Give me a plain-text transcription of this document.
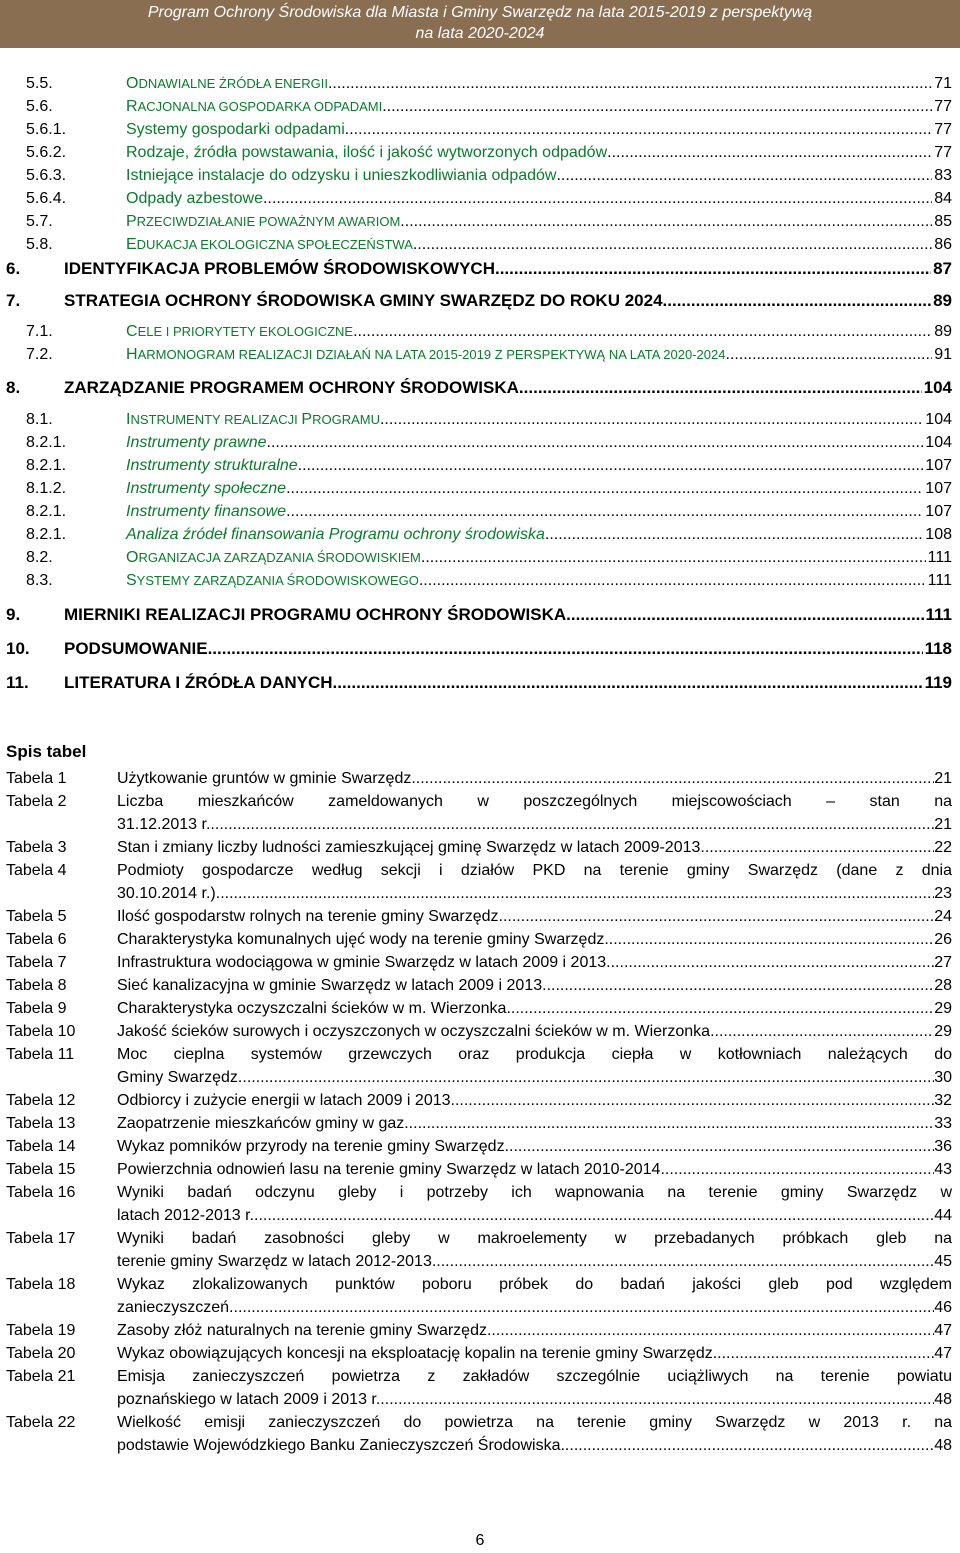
Program Ochrony Środowiska dla Miasta i Gminy Swarzędz na lata 2015-2019 z perspektywą
na lata 2020-2024
5.5.	ODNAWIALNE ŹRÓDŁA ENERGII .....	71
5.6.	RACJONALNA GOSPODARKA ODPADAMI .....	77
5.6.1.	Systemy gospodarki odpadami .....	77
5.6.2.	Rodzaje, źródła powstawania, ilość i jakość wytworzonych odpadów .....	77
5.6.3.	Istniejące instalacje do odzysku i unieszkodliwiania odpadów .....	83
5.6.4.	Odpady azbestowe .....	84
5.7.	PRZECIWDZIAŁANIE POWAŻNYM AWARIOM .....	85
5.8.	EDUKACJA EKOLOGICZNA SPOŁECZEŃSTWA .....	86
6.	IDENTYFIKACJA PROBLEMÓW ŚRODOWISKOWYCH .....	87
7.	STRATEGIA OCHRONY ŚRODOWISKA GMINY SWARZĘDZ DO ROKU 2024 .....	89
7.1.	CELE I PRIORYTETY EKOLOGICZNE .....	89
7.2.	HARMONOGRAM REALIZACJI DZIAŁAŃ NA LATA 2015-2019 Z PERSPEKTYWĄ NA LATA 2020-2024 .....	91
8.	ZARZĄDZANIE PROGRAMEM OCHRONY ŚRODOWISKA .....	104
8.1.	INSTRUMENTY REALIZACJI PROGRAMU .....	104
8.2.1.	Instrumenty prawne .....	104
8.2.1.	Instrumenty strukturalne .....	107
8.1.2.	Instrumenty społeczne .....	107
8.2.1.	Instrumenty finansowe .....	107
8.2.1.	Analiza źródeł finansowania Programu ochrony środowiska .....	108
8.2.	ORGANIZACJA ZARZĄDZANIA ŚRODOWISKIEM .....	111
8.3.	SYSTEMY ZARZĄDZANIA ŚRODOWISKOWEGO .....	111
9.	MIERNIKI REALIZACJI PROGRAMU OCHRONY ŚRODOWISKA .....	111
10.	PODSUMOWANIE .....	118
11.	LITERATURA I ŹRÓDŁA DANYCH .....	119
Spis tabel
Tabela 1	Użytkowanie gruntów w gminie Swarzędz .....	21
Tabela 2	Liczba mieszkańców zameldowanych w poszczególnych miejscowościach – stan na
31.12.2013 r. .....	21
Tabela 3	Stan i zmiany liczby ludności zamieszkującej gminę Swarzędz w latach 2009-2013 .....	22
Tabela 4	Podmioty gospodarcze według sekcji i działów PKD na terenie gminy Swarzędz (dane z dnia
30.10.2014 r.) .....	23
Tabela 5	Ilość gospodarstw rolnych na terenie gminy Swarzędz .....	24
Tabela 6	Charakterystyka komunalnych ujęć wody na terenie gminy Swarzędz .....	26
Tabela 7	Infrastruktura wodociągowa w gminie Swarzędz w latach 2009 i 2013 .....	27
Tabela 8	Sieć kanalizacyjna w gminie Swarzędz w latach 2009 i 2013 .....	28
Tabela 9	Charakterystyka oczyszczalni ścieków w m. Wierzonka .....	29
Tabela 10	Jakość ścieków surowych i oczyszczonych w oczyszczalni ścieków w m. Wierzonka .....	29
Tabela 11	Moc cieplna systemów grzewczych oraz produkcja ciepła w kotłowniach należących do
Gminy Swarzędz .....	30
Tabela 12	Odbiorcy i zużycie energii w latach 2009 i 2013 .....	32
Tabela 13	Zaopatrzenie mieszkańców gminy w gaz .....	33
Tabela 14	Wykaz pomników przyrody na terenie gminy Swarzędz .....	36
Tabela 15	Powierzchnia odnowień lasu na terenie gminy Swarzędz w latach 2010-2014 .....	43
Tabela 16	Wyniki badań odczynu gleby i potrzeby ich wapnowania na terenie gminy Swarzędz w
latach 2012-2013 r. .....	44
Tabela 17	Wyniki badań zasobności gleby w makroelementy w przebadanych próbkach gleb na
terenie gminy Swarzędz w latach 2012-2013 .....	45
Tabela 18	Wykaz zlokalizowanych punktów poboru próbek do badań jakości gleb pod względem
zanieczyszczeń .....	46
Tabela 19	Zasoby złóż naturalnych na terenie gminy Swarzędz .....	47
Tabela 20	Wykaz obowiązujących koncesji na eksploatację kopalin na terenie gminy Swarzędz .....	47
Tabela 21	Emisja zanieczyszczeń powietrza z zakładów szczególnie uciążliwych na terenie powiatu
poznańskiego w latach 2009 i 2013 r. .....	48
Tabela 22	Wielkość emisji zanieczyszczeń do powietrza na terenie gminy Swarzędz w 2013 r. na
podstawie Wojewódzkiego Banku Zanieczyszczeń Środowiska .....	48
6
